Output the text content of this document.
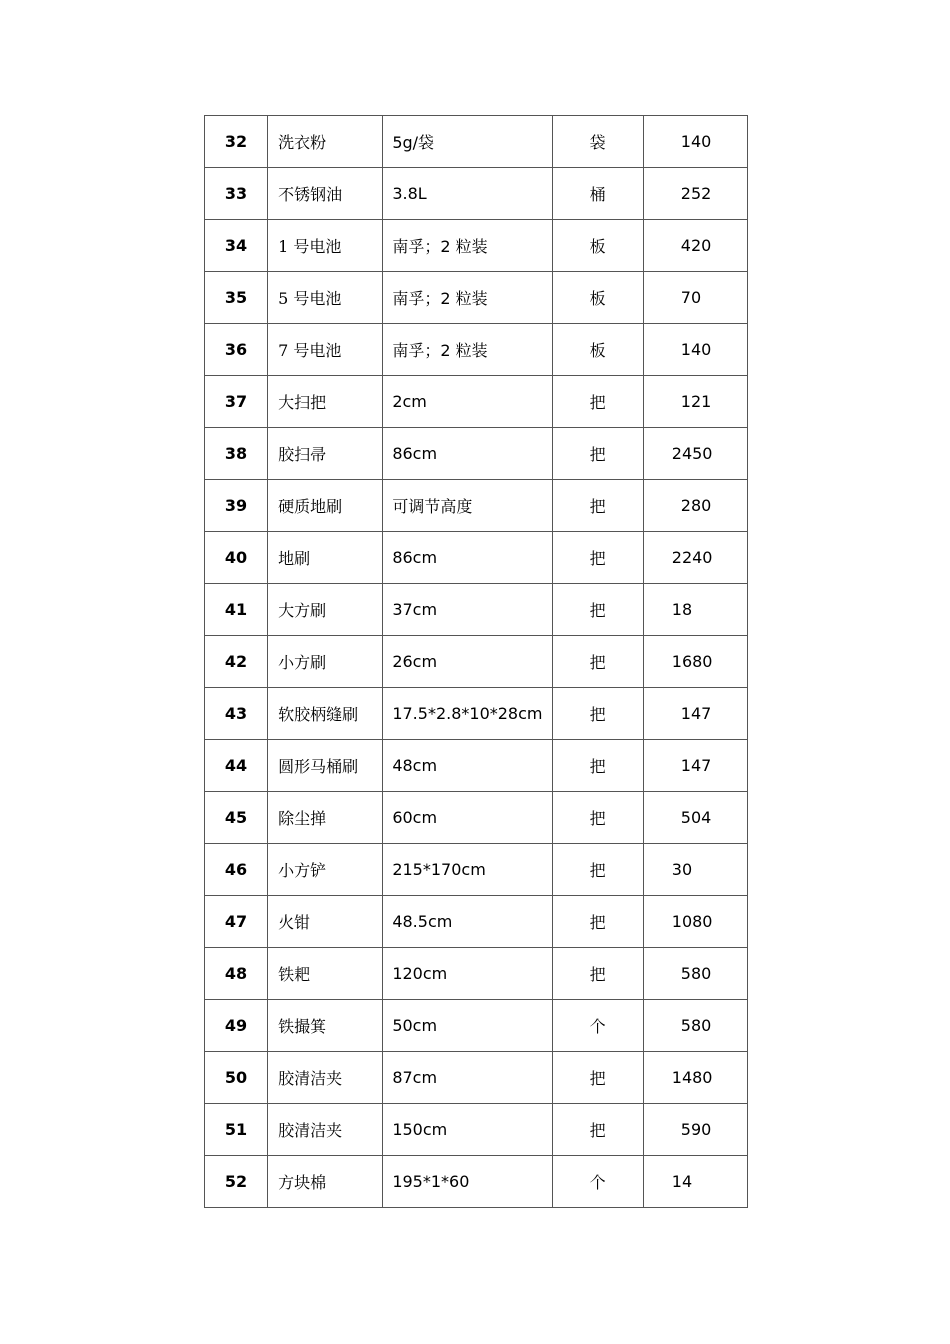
32	洗衣粉	5g/袋	袋	140
33	不锈钢油	3.8L	桶	252
34	1 号电池	南孚；2 粒装	板	420
35	5 号电池	南孚；2 粒装	板	70
36	7 号电池	南孚；2 粒装	板	140
37	大扫把	2cm	把	121
38	胶扫帚	86cm	把	2450
39	硬质地刷	可调节高度	把	280
40	地刷	86cm	把	2240
41	大方刷	37cm	把	18
42	小方刷	26cm	把	1680
43	软胶柄缝刷	17.5*2.8*10*28cm	把	147
44	圆形马桶刷	48cm	把	147
45	除尘掸	60cm	把	504
46	小方铲	215*170cm	把	30
47	火钳	48.5cm	把	1080
48	铁耙	120cm	把	580
49	铁撮箕	50cm	个	580
50	胶清洁夹	87cm	把	1480
51	胶清洁夹	150cm	把	590
52	方块棉	195*1*60	个	14
